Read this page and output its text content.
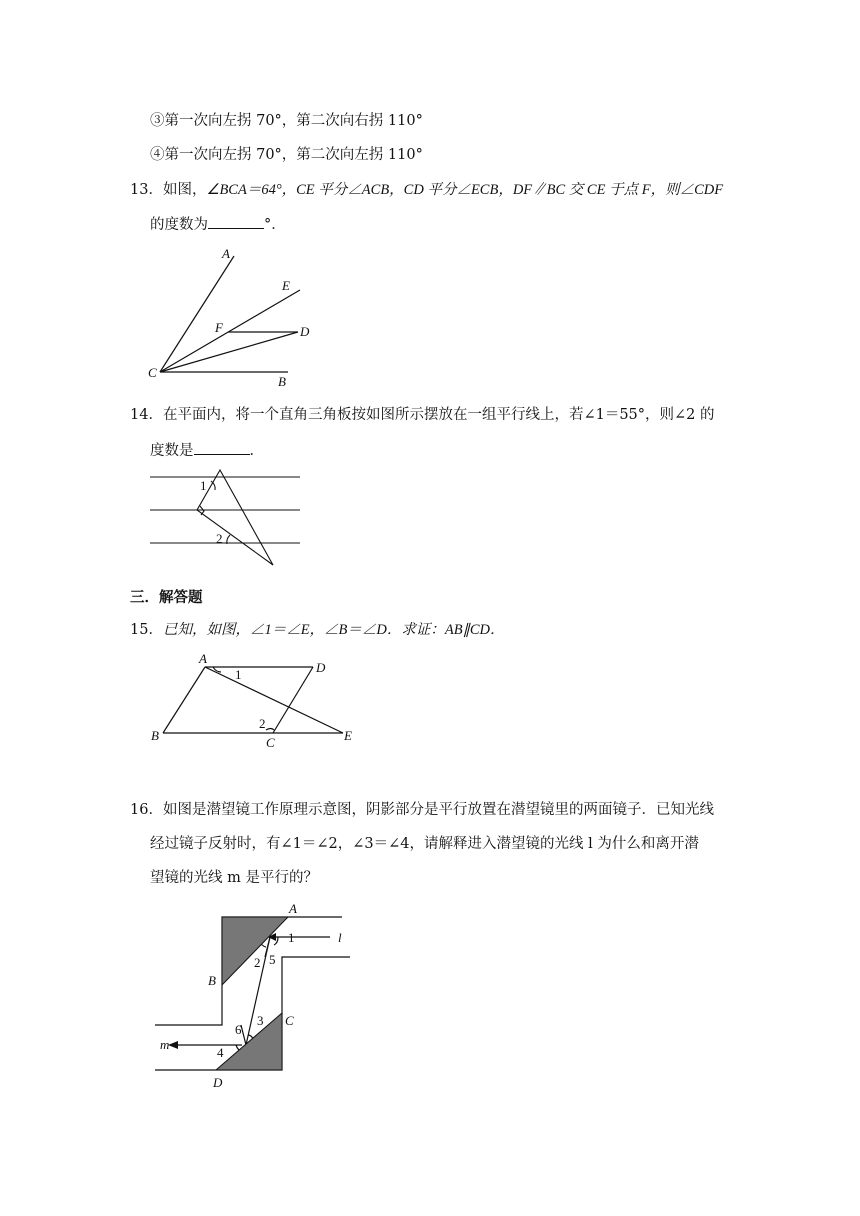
③第一次向左拐 70°，第二次向右拐 110°
④第一次向左拐 70°，第二次向左拐 110°
13．如图，∠BCA＝64°，CE 平分∠ACB，CD 平分∠ECB，DF∥BC 交 CE 于点 F，则∠CDF
的度数为	°．
A
E
F	D
C
B
14．在平面内，将一个直角三角板按如图所示摆放在一组平行线上，若∠1＝55°，则∠2 的
度数是	．
1
2
三．解答题
15．已知，如图，∠1＝∠E，∠B＝∠D．求证：AB∥CD．
A
D
B	C	E
1
2
16．如图是潜望镜工作原理示意图，阴影部分是平行放置在潜望镜里的两面镜子．已知光线
经过镜子反射时，有∠1＝∠2，∠3＝∠4，请解释进入潜望镜的光线 l 为什么和离开潜
望镜的光线 m 是平行的？
A
B
C
D
l
m
1
2
3
4
5
6
